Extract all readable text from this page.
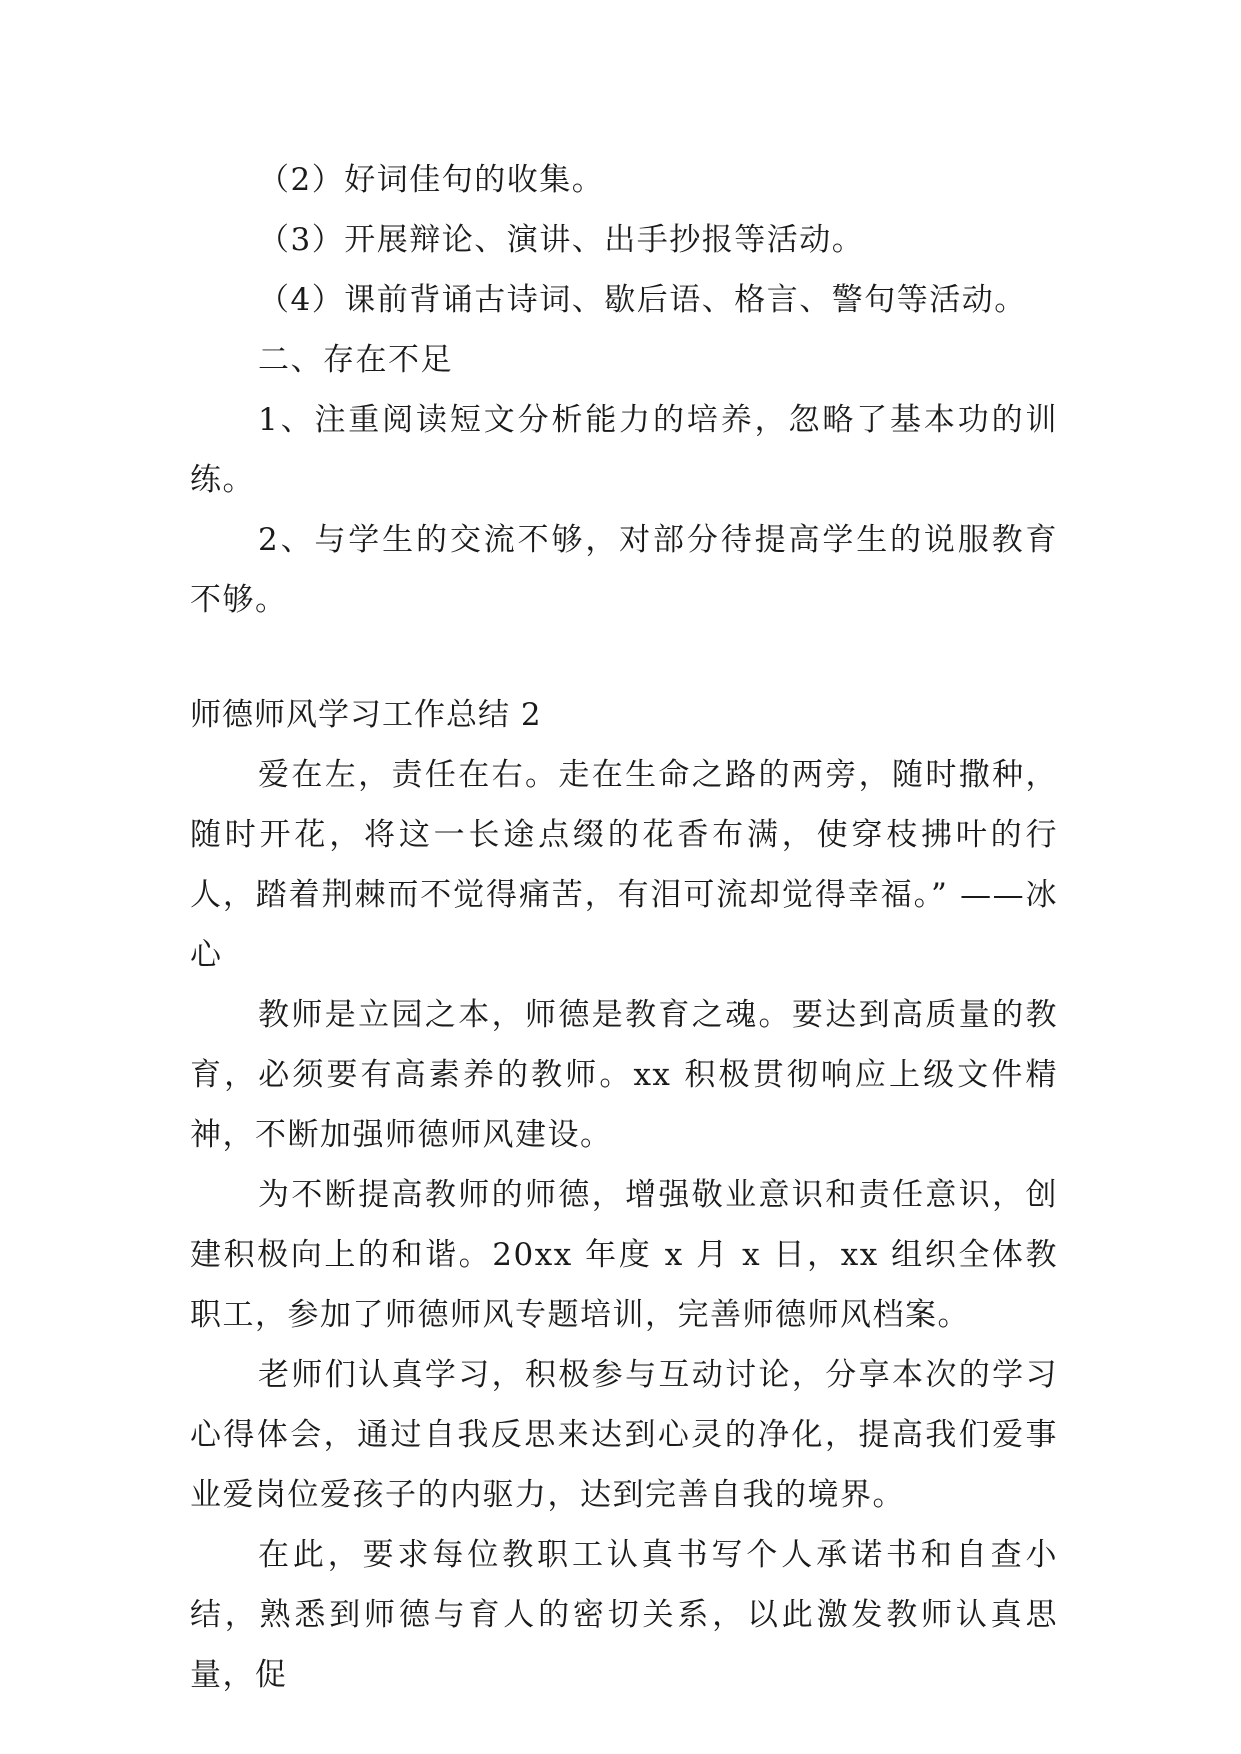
（2）好词佳句的收集。
（3）开展辩论、演讲、出手抄报等活动。
（4）课前背诵古诗词、歇后语、格言、警句等活动。
二、存在不足

1、注重阅读短文分析能力的培养，忽略了基本功的训练。

2、与学生的交流不够，对部分待提高学生的说服教育不够。

师德师风学习工作总结 2

爱在左，责任在右。走在生命之路的两旁，随时撒种，随时开花，将这一长途点缀的花香布满，使穿枝拂叶的行人，踏着荆棘而不觉得痛苦，有泪可流却觉得幸福。” ——冰心

教师是立园之本，师德是教育之魂。要达到高质量的教育，必须要有高素养的教师。xx 积极贯彻响应上级文件精神，不断加强师德师风建设。

为不断提高教师的师德，增强敬业意识和责任意识，创建积极向上的和谐。20xx 年度 x 月 x 日，xx 组织全体教职工，参加了师德师风专题培训，完善师德师风档案。

老师们认真学习，积极参与互动讨论，分享本次的学习心得体会，通过自我反思来达到心灵的净化，提高我们爱事业爱岗位爱孩子的内驱力，达到完善自我的境界。

在此，要求每位教职工认真书写个人承诺书和自查小结，熟悉到师德与育人的密切关系，以此激发教师认真思量，促
